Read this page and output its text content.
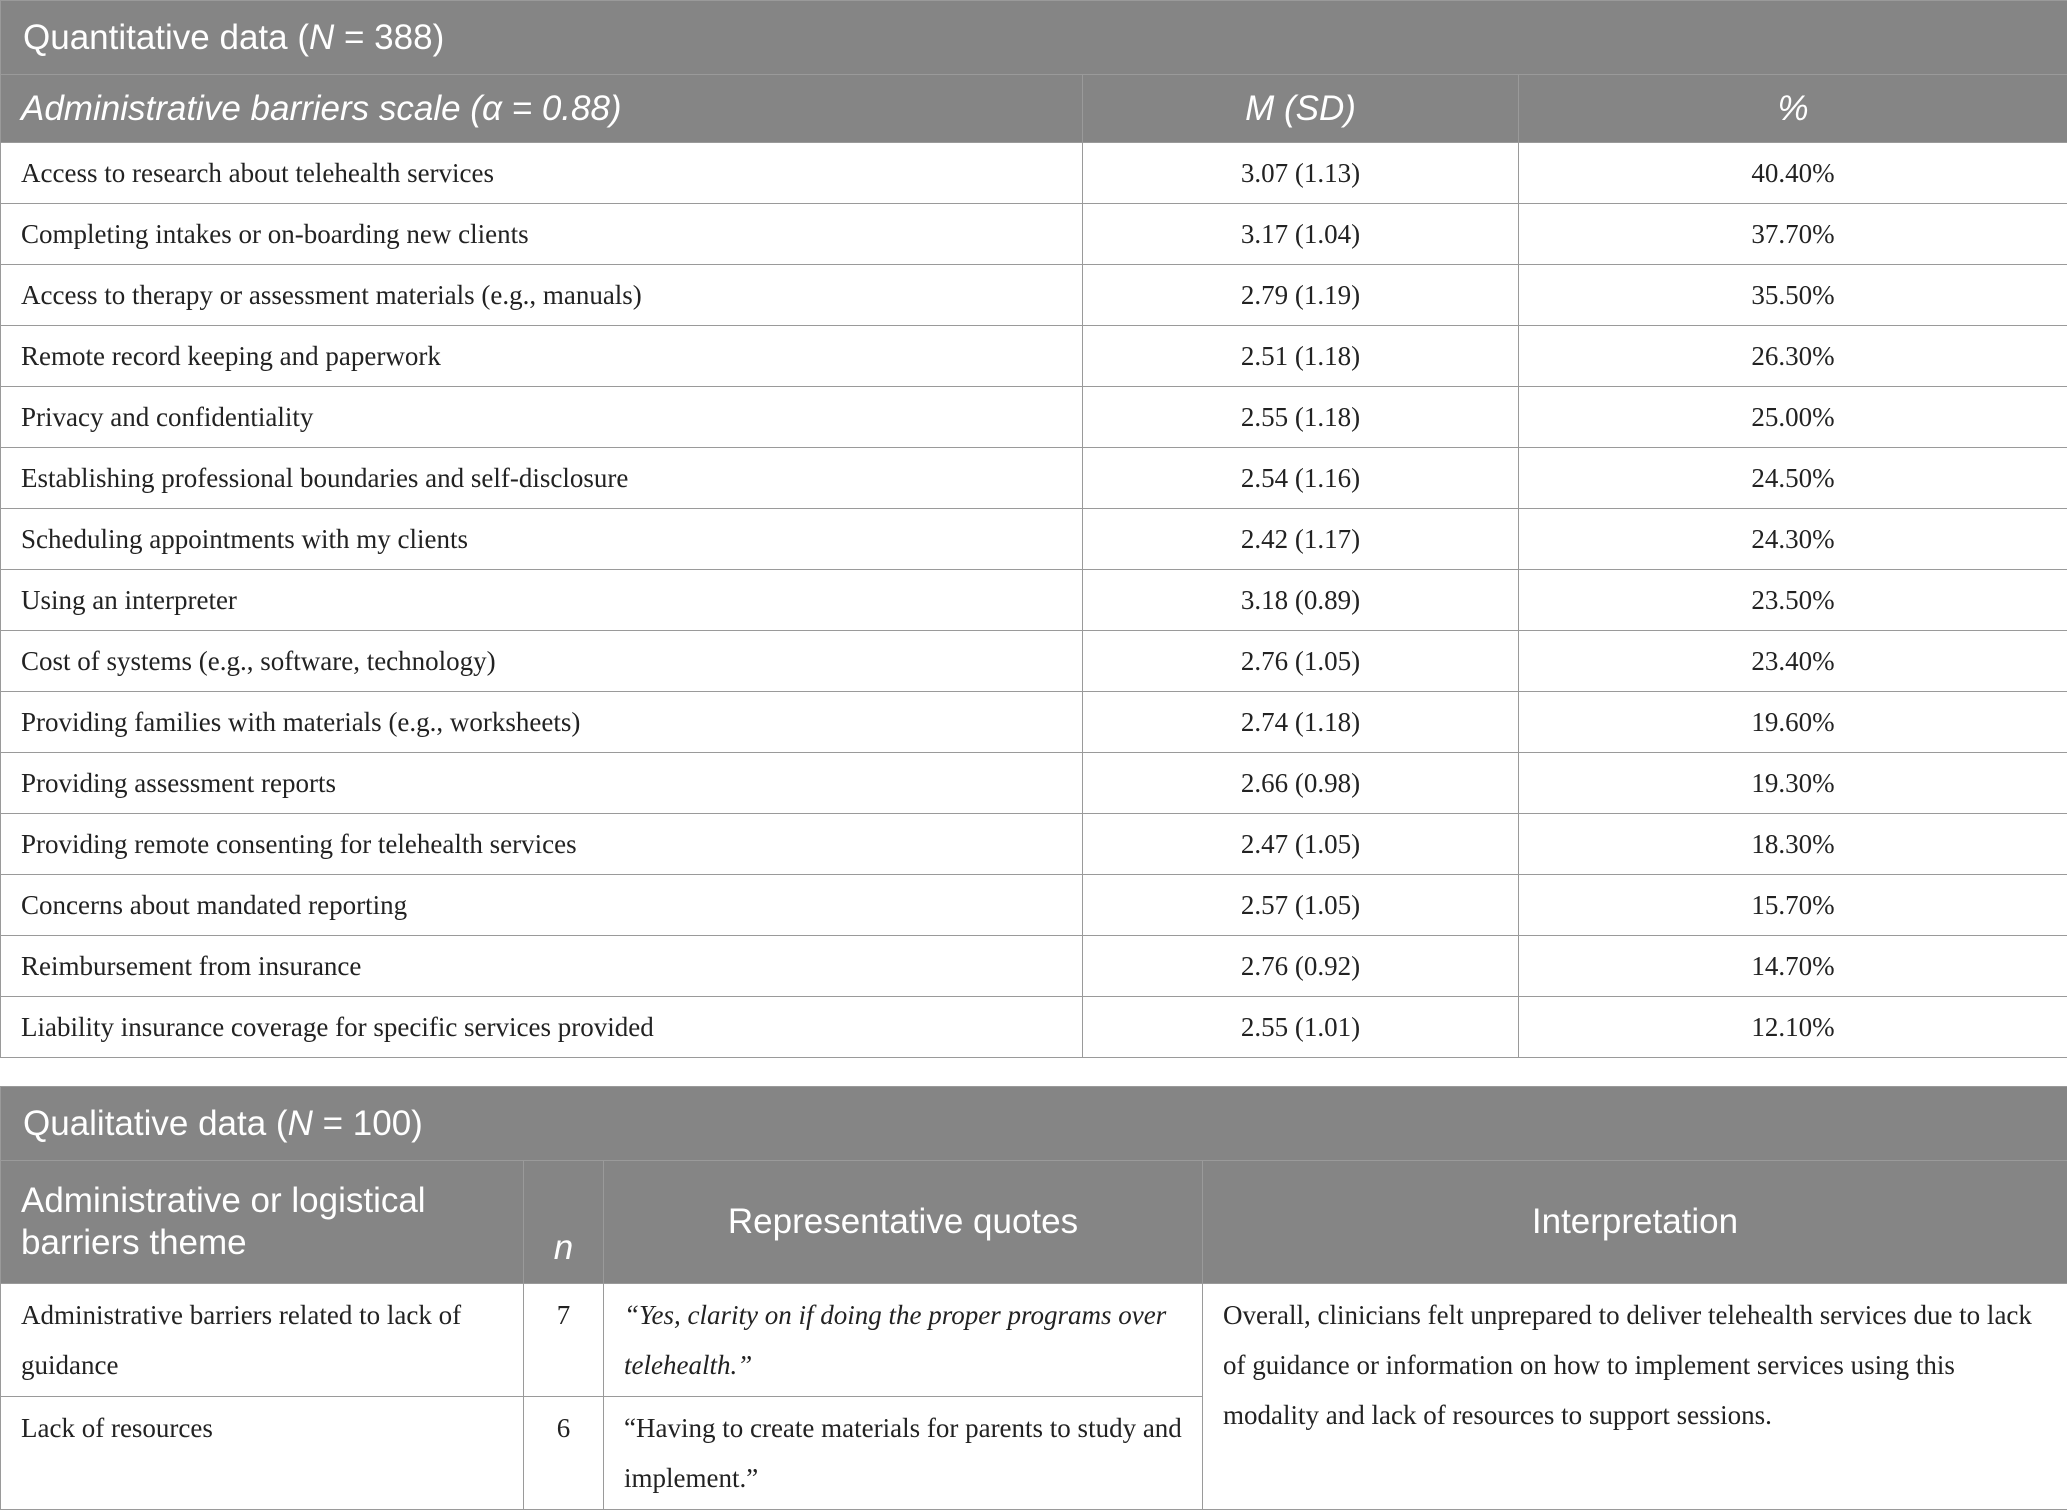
Quantitative data (N = 388)		
Administrative barriers scale (α = 0.88)	M (SD)	%
Access to research about telehealth services	3.07 (1.13)	40.40%
Completing intakes or on-boarding new clients	3.17 (1.04)	37.70%
Access to therapy or assessment materials (e.g., manuals)	2.79 (1.19)	35.50%
Remote record keeping and paperwork	2.51 (1.18)	26.30%
Privacy and confidentiality	2.55 (1.18)	25.00%
Establishing professional boundaries and self-disclosure	2.54 (1.16)	24.50%
Scheduling appointments with my clients	2.42 (1.17)	24.30%
Using an interpreter	3.18 (0.89)	23.50%
Cost of systems (e.g., software, technology)	2.76 (1.05)	23.40%
Providing families with materials (e.g., worksheets)	2.74 (1.18)	19.60%
Providing assessment reports	2.66 (0.98)	19.30%
Providing remote consenting for telehealth services	2.47 (1.05)	18.30%
Concerns about mandated reporting	2.57 (1.05)	15.70%
Reimbursement from insurance	2.76 (0.92)	14.70%
Liability insurance coverage for specific services provided	2.55 (1.01)	12.10%
Qualitative data (N = 100)			
Administrative or logistical barriers theme	n	Representative quotes	Interpretation
Administrative barriers related to lack of guidance	7	“Yes, clarity on if doing the proper programs over telehealth.”	Overall, clinicians felt unprepared to deliver telehealth services due to lack of guidance or information on how to implement services using this modality and lack of resources to support sessions.
Lack of resources	6	“Having to create materials for parents to study and implement.”	
